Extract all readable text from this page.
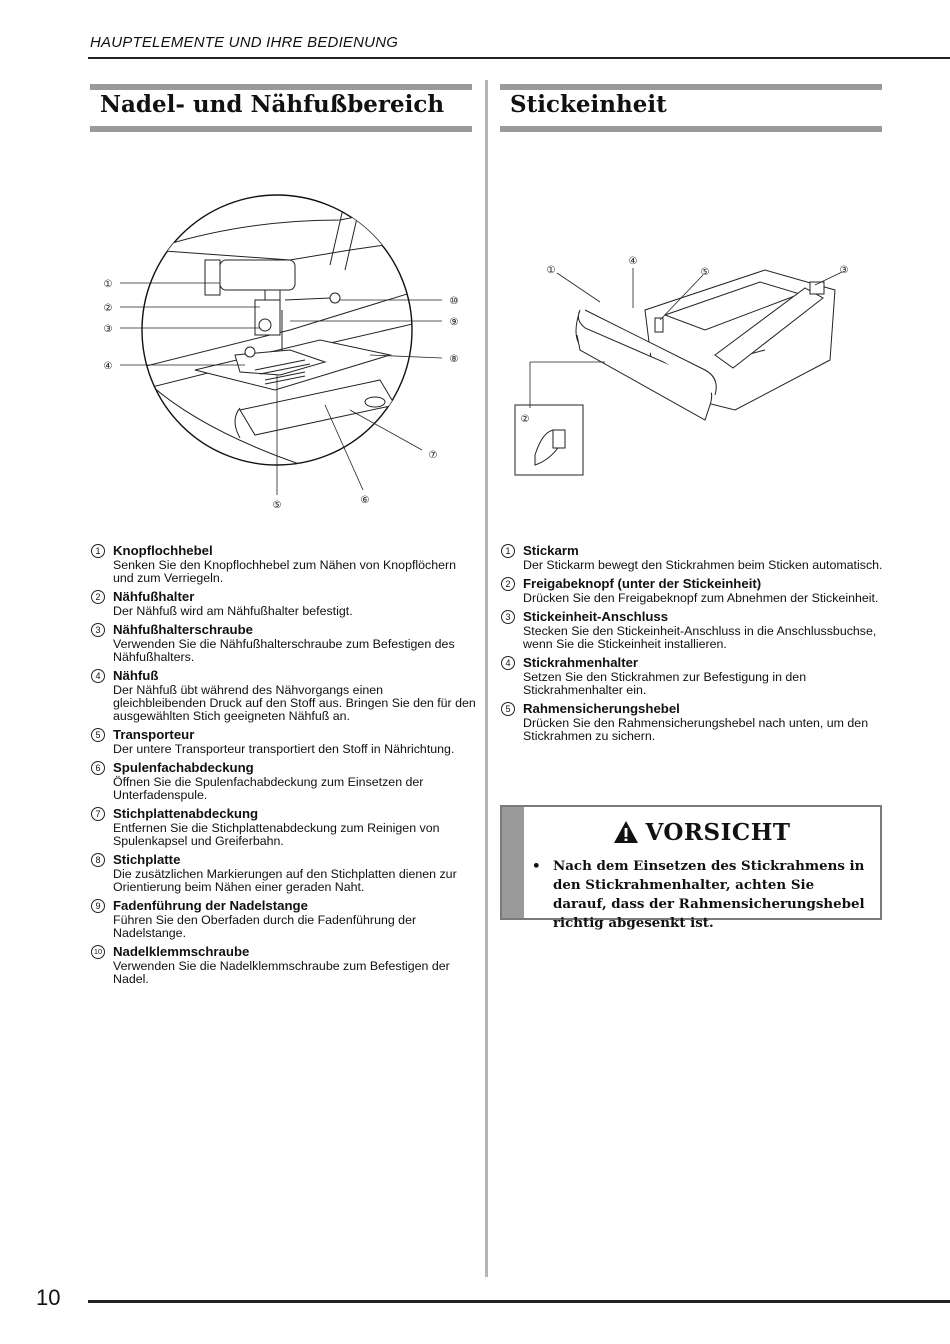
HAUPTELEMENTE UND IHRE BEDIENUNG
Nadel- und Nähfußbereich	Stickeinheit
①
②
③
④
⑤	⑥
⑦
⑧
⑨
⑩
①
④
⑤	③
②
1 Knopflochhebel
Senken Sie den Knopflochhebel zum Nähen von Knopflöchern und zum Verriegeln.
2 Nähfußhalter
Der Nähfuß wird am Nähfußhalter befestigt.
3 Nähfußhalterschraube
Verwenden Sie die Nähfußhalterschraube zum Befestigen des Nähfußhalters.
4 Nähfuß
Der Nähfuß übt während des Nähvorgangs einen gleichbleibenden Druck auf den Stoff aus. Bringen Sie den für den ausgewählten Stich geeigneten Nähfuß an.
5 Transporteur
Der untere Transporteur transportiert den Stoff in Nährichtung.
6 Spulenfachabdeckung
Öffnen Sie die Spulenfachabdeckung zum Einsetzen der Unterfadenspule.
7 Stichplattenabdeckung
Entfernen Sie die Stichplattenabdeckung zum Reinigen von Spulenkapsel und Greiferbahn.
8 Stichplatte
Die zusätzlichen Markierungen auf den Stichplatten dienen zur Orientierung beim Nähen einer geraden Naht.
9 Fadenführung der Nadelstange
Führen Sie den Oberfaden durch die Fadenführung der Nadelstange.
10 Nadelklemmschraube
Verwenden Sie die Nadelklemmschraube zum Befestigen der Nadel.
1 Stickarm
Der Stickarm bewegt den Stickrahmen beim Sticken automatisch.
2 Freigabeknopf (unter der Stickeinheit)
Drücken Sie den Freigabeknopf zum Abnehmen der Stickeinheit.
3 Stickeinheit-Anschluss
Stecken Sie den Stickeinheit-Anschluss in die Anschlussbuchse, wenn Sie die Stickeinheit installieren.
4 Stickrahmenhalter
Setzen Sie den Stickrahmen zur Befestigung in den Stickrahmenhalter ein.
5 Rahmensicherungshebel
Drücken Sie den Rahmensicherungshebel nach unten, um den Stickrahmen zu sichern.
VORSICHT
• Nach dem Einsetzen des Stickrahmens in den Stickrahmenhalter, achten Sie darauf, dass der Rahmensicherungshebel richtig abgesenkt ist.
10
